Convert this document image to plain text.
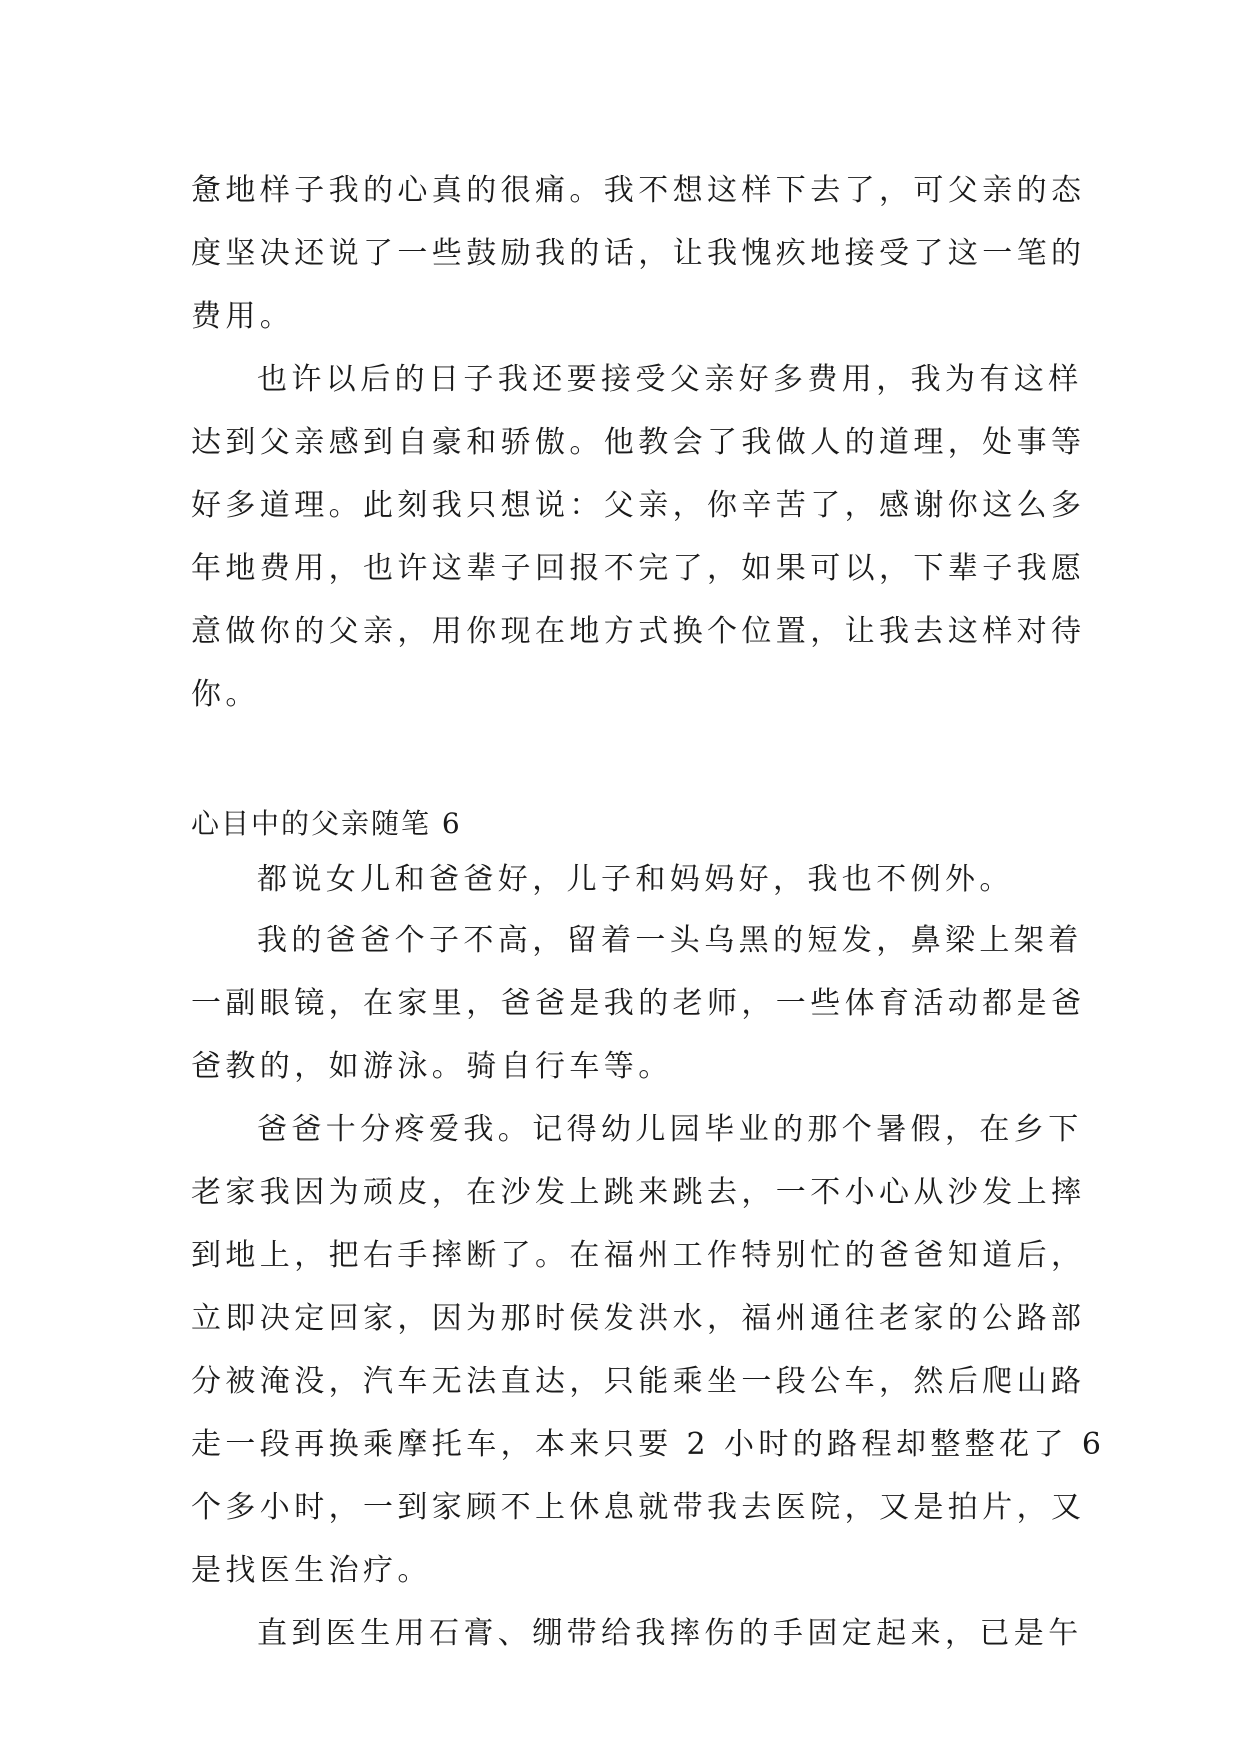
惫地样子我的心真的很痛。我不想这样下去了，可父亲的态
度坚决还说了一些鼓励我的话，让我愧疚地接受了这一笔的
费用。
也许以后的日子我还要接受父亲好多费用，我为有这样
达到父亲感到自豪和骄傲。他教会了我做人的道理，处事等
好多道理。此刻我只想说：父亲，你辛苦了，感谢你这么多
年地费用，也许这辈子回报不完了，如果可以，下辈子我愿
意做你的父亲，用你现在地方式换个位置，让我去这样对待
你。
心目中的父亲随笔 6
都说女儿和爸爸好，儿子和妈妈好，我也不例外。
我的爸爸个子不高，留着一头乌黑的短发，鼻梁上架着
一副眼镜，在家里，爸爸是我的老师，一些体育活动都是爸
爸教的，如游泳。骑自行车等。
爸爸十分疼爱我。记得幼儿园毕业的那个暑假，在乡下
老家我因为顽皮，在沙发上跳来跳去，一不小心从沙发上摔
到地上，把右手摔断了。在福州工作特别忙的爸爸知道后，
立即决定回家，因为那时侯发洪水，福州通往老家的公路部
分被淹没，汽车无法直达，只能乘坐一段公车，然后爬山路
走一段再换乘摩托车，本来只要 2 小时的路程却整整花了 6
个多小时，一到家顾不上休息就带我去医院，又是拍片，又
是找医生治疗。
直到医生用石膏、绷带给我摔伤的手固定起来，已是午
